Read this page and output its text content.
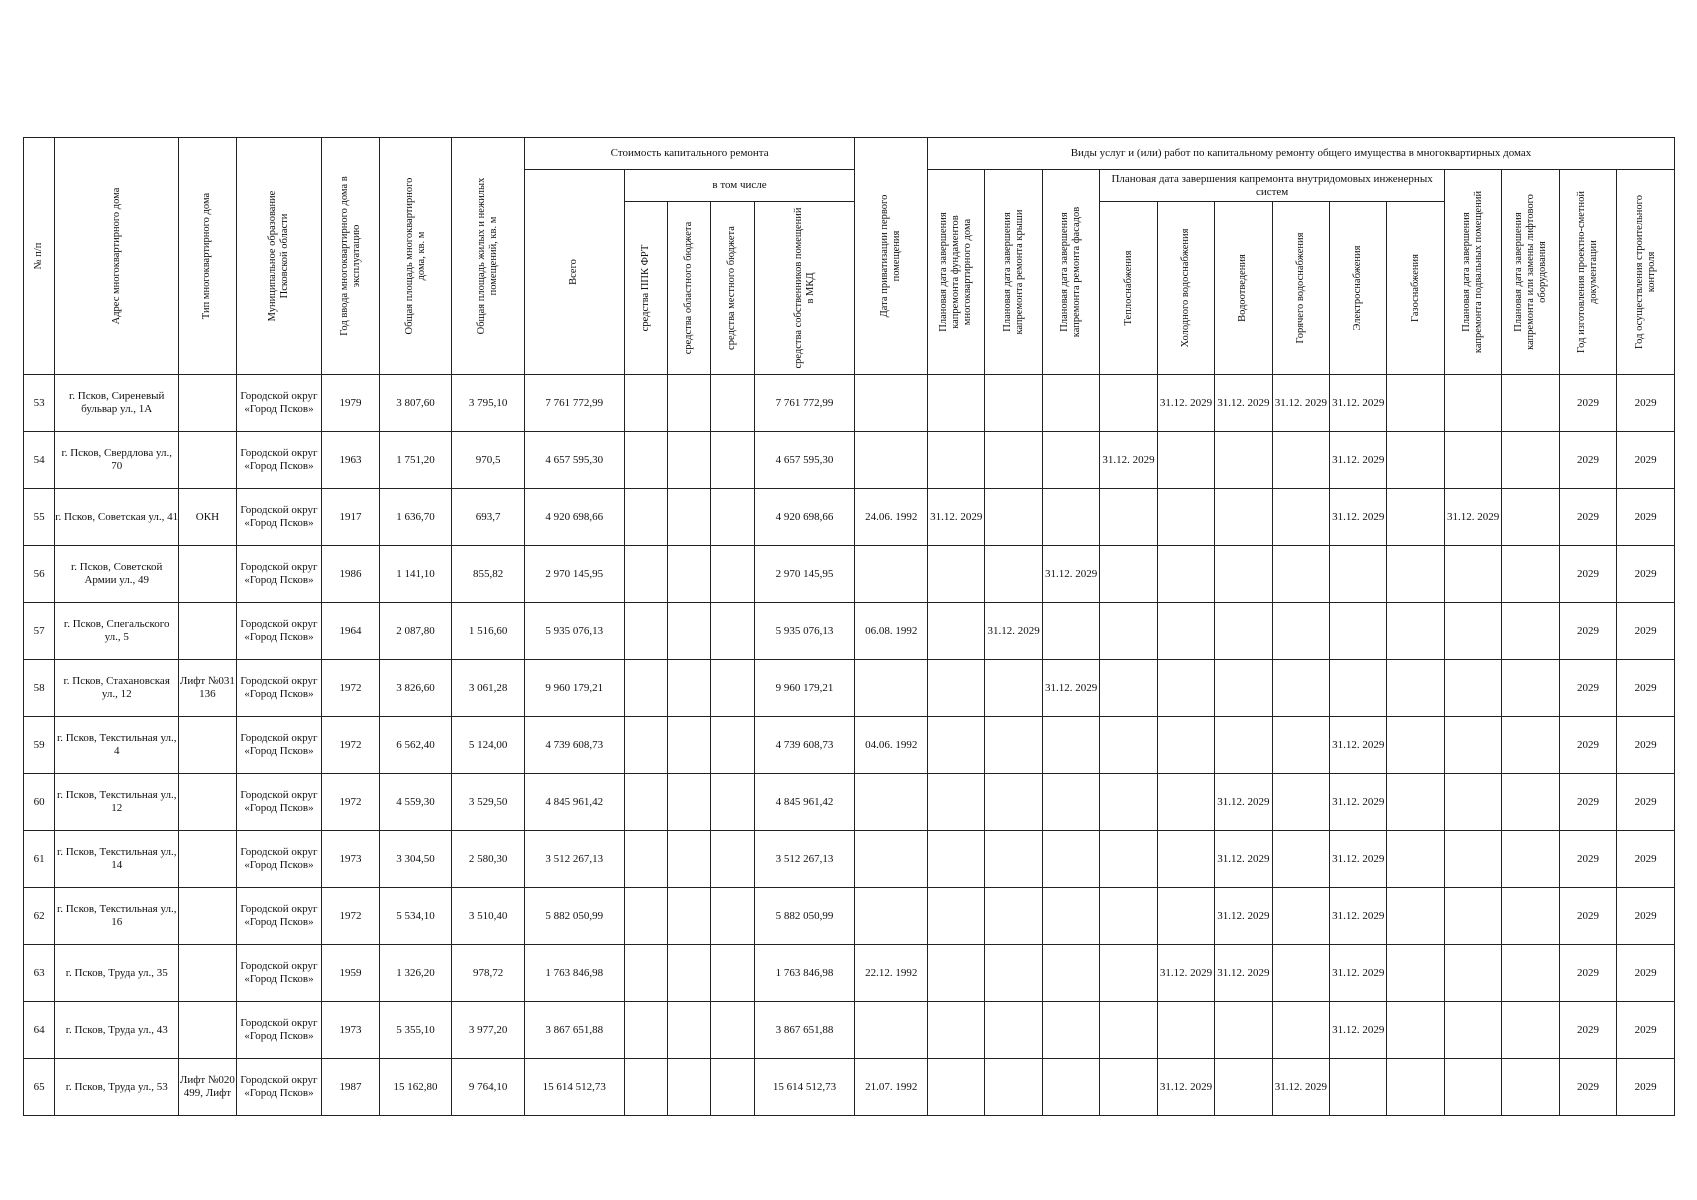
№ п/п	Адрес многоквартирного дома	Тип многоквартирного дома	Муниципальное образование Псковской области	Год ввода многоквартирного дома в эксплуатацию	Общая площадь многоквартирного дома, кв. м	Общая площадь жилых и нежилых помещений, кв. м	Стоимость капитального ремонта					Дата приватизации первого помещения	Виды услуг и (или) работ по капитальному ремонту общего имущества в многоквартирных домах												

							Всего	в том числе					Плановая дата завершения капремонта фундаментов многоквартирного дома	Плановая дата завершения капремонта ремонта крыши	Плановая дата завершения капремонта ремонта фасадов	Плановая дата завершения капремонта внутридомовых инженерных систем						Плановая дата завершения капремонта подвальных помещений	Плановая дата завершения капремонта или замены лифтового оборудования	Год изготовления проектно-сметной документации	Год осуществления строительного контроля

								средства ППК ФРТ	средства областного бюджета	средства местного бюджета	средства собственников помещений в МКД					Теплоснабжения	Холодного водоснабжения	Водоотведения	Горячего водоснабжения	Электроснабжения	Газоснабжения				

53	г. Псков, Сиреневый бульвар ул., 1А		Городской округ «Город Псков»	1979	3 807,60	3 795,10	7 761 772,99				7 761 772,99						31.12. 2029	31.12. 2029	31.12. 2029	31.12. 2029				2029	2029
54	г. Псков, Свердлова ул., 70		Городской округ «Город Псков»	1963	1 751,20	970,5	4 657 595,30				4 657 595,30					31.12. 2029				31.12. 2029				2029	2029
55	г. Псков, Советская ул., 41	ОКН	Городской округ «Город Псков»	1917	1 636,70	693,7	4 920 698,66				4 920 698,66	24.06. 1992	31.12. 2029							31.12. 2029		31.12. 2029		2029	2029
56	г. Псков, Советской Армии ул., 49		Городской округ «Город Псков»	1986	1 141,10	855,82	2 970 145,95				2 970 145,95				31.12. 2029									2029	2029
57	г. Псков, Спегальского ул., 5		Городской округ «Город Псков»	1964	2 087,80	1 516,60	5 935 076,13				5 935 076,13	06.08. 1992		31.12. 2029										2029	2029
58	г. Псков, Стахановская ул., 12	Лифт №031 136	Городской округ «Город Псков»	1972	3 826,60	3 061,28	9 960 179,21				9 960 179,21				31.12. 2029									2029	2029
59	г. Псков, Текстильная ул., 4		Городской округ «Город Псков»	1972	6 562,40	5 124,00	4 739 608,73				4 739 608,73	04.06. 1992								31.12. 2029				2029	2029
60	г. Псков, Текстильная ул., 12		Городской округ «Город Псков»	1972	4 559,30	3 529,50	4 845 961,42				4 845 961,42							31.12. 2029		31.12. 2029				2029	2029
61	г. Псков, Текстильная ул., 14		Городской округ «Город Псков»	1973	3 304,50	2 580,30	3 512 267,13				3 512 267,13							31.12. 2029		31.12. 2029				2029	2029
62	г. Псков, Текстильная ул., 16		Городской округ «Город Псков»	1972	5 534,10	3 510,40	5 882 050,99				5 882 050,99							31.12. 2029		31.12. 2029				2029	2029
63	г. Псков, Труда ул., 35		Городской округ «Город Псков»	1959	1 326,20	978,72	1 763 846,98				1 763 846,98	22.12. 1992					31.12. 2029	31.12. 2029		31.12. 2029				2029	2029
64	г. Псков, Труда ул., 43		Городской округ «Город Псков»	1973	5 355,10	3 977,20	3 867 651,88				3 867 651,88									31.12. 2029				2029	2029
65	г. Псков, Труда ул., 53	Лифт №020 499, Лифт	Городской округ «Город Псков»	1987	15 162,80	9 764,10	15 614 512,73				15 614 512,73	21.07. 1992					31.12. 2029		31.12. 2029					2029	2029
